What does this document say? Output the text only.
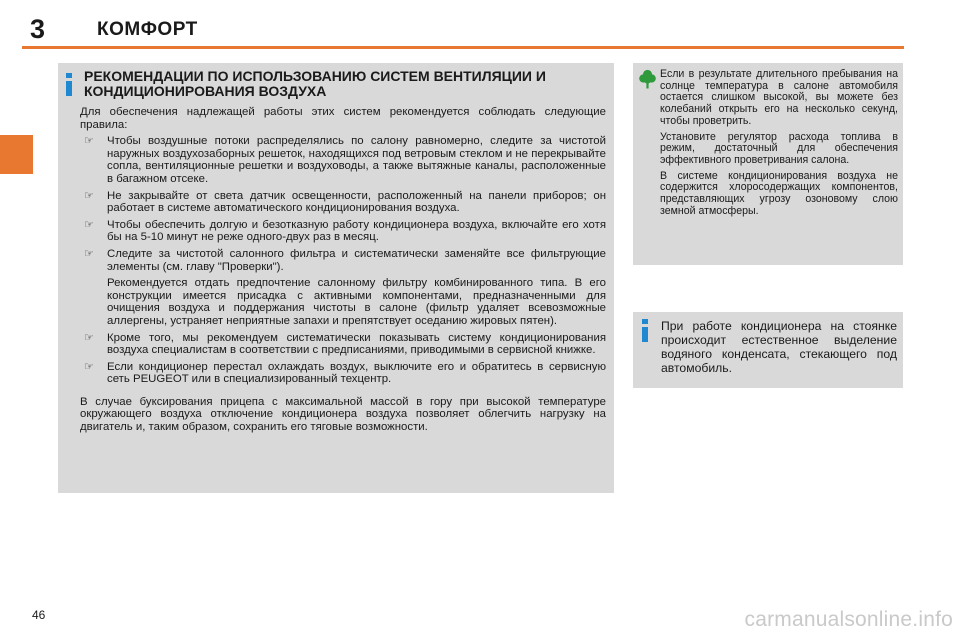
3	КОМФОРТ
РЕКОМЕНДАЦИИ ПО ИСПОЛЬЗОВАНИЮ СИСТЕМ ВЕНТИЛЯЦИИ И КОНДИЦИОНИРОВАНИЯ ВОЗДУХА

Для обеспечения надлежащей работы этих систем рекомендуется соблюдать следующие правила:

☞ Чтобы воздушные потоки распределялись по салону равномерно, следите за чистотой наружных воздухозаборных решеток, находящихся под ветровым стеклом и не перекрывайте сопла, вентиляционные решетки и воздуховоды, а также вытяжные каналы, расположенные в багажном отсеке.
☞ Не закрывайте от света датчик освещенности, расположенный на панели приборов; он работает в системе автоматического кондиционирования воздуха.
☞ Чтобы обеспечить долгую и безотказную работу кондиционера воздуха, включайте его хотя бы на 5-10 минут не реже одного-двух раз в месяц.
☞ Следите за чистотой салонного фильтра и систематически заменяйте все фильтрующие элементы (см. главу "Проверки").

Рекомендуется отдать предпочтение салонному фильтру комбинированного типа. В его конструкции имеется присадка с активными компонентами, предназначенными для очищения воздуха и поддержания чистоты в салоне (фильтр удаляет всевозможные аллергены, устраняет неприятные запахи и препятствует оседанию жировых пятен).

☞ Кроме того, мы рекомендуем систематически показывать систему кондиционирования воздуха специалистам в соответствии с предписаниями, приводимыми в сервисной книжке.
☞ Если кондиционер перестал охлаждать воздух, выключите его и обратитесь в сервисную сеть PEUGEOT или в специализированный техцентр.

В случае буксирования прицепа с максимальной массой в гору при высокой температуре окружающего воздуха отключение кондиционера воздуха позволяет облегчить нагрузку на двигатель и, таким образом, сохранить его тяговые возможности.

Если в результате длительного пребывания на солнце температура в салоне автомобиля остается слишком высокой, вы можете без колебаний открыть его на несколько секунд, чтобы проветрить.

Установите регулятор расхода топлива в режим, достаточный для обеспечения эффективного проветривания салона.

В системе кондиционирования воздуха не содержится хлоросодержащих компонентов, представляющих угрозу озоновому слою земной атмосферы.

При работе кондиционера на стоянке происходит естественное выделение водяного конденсата, стекающего под автомобиль.
46	carmanualsonline.info
